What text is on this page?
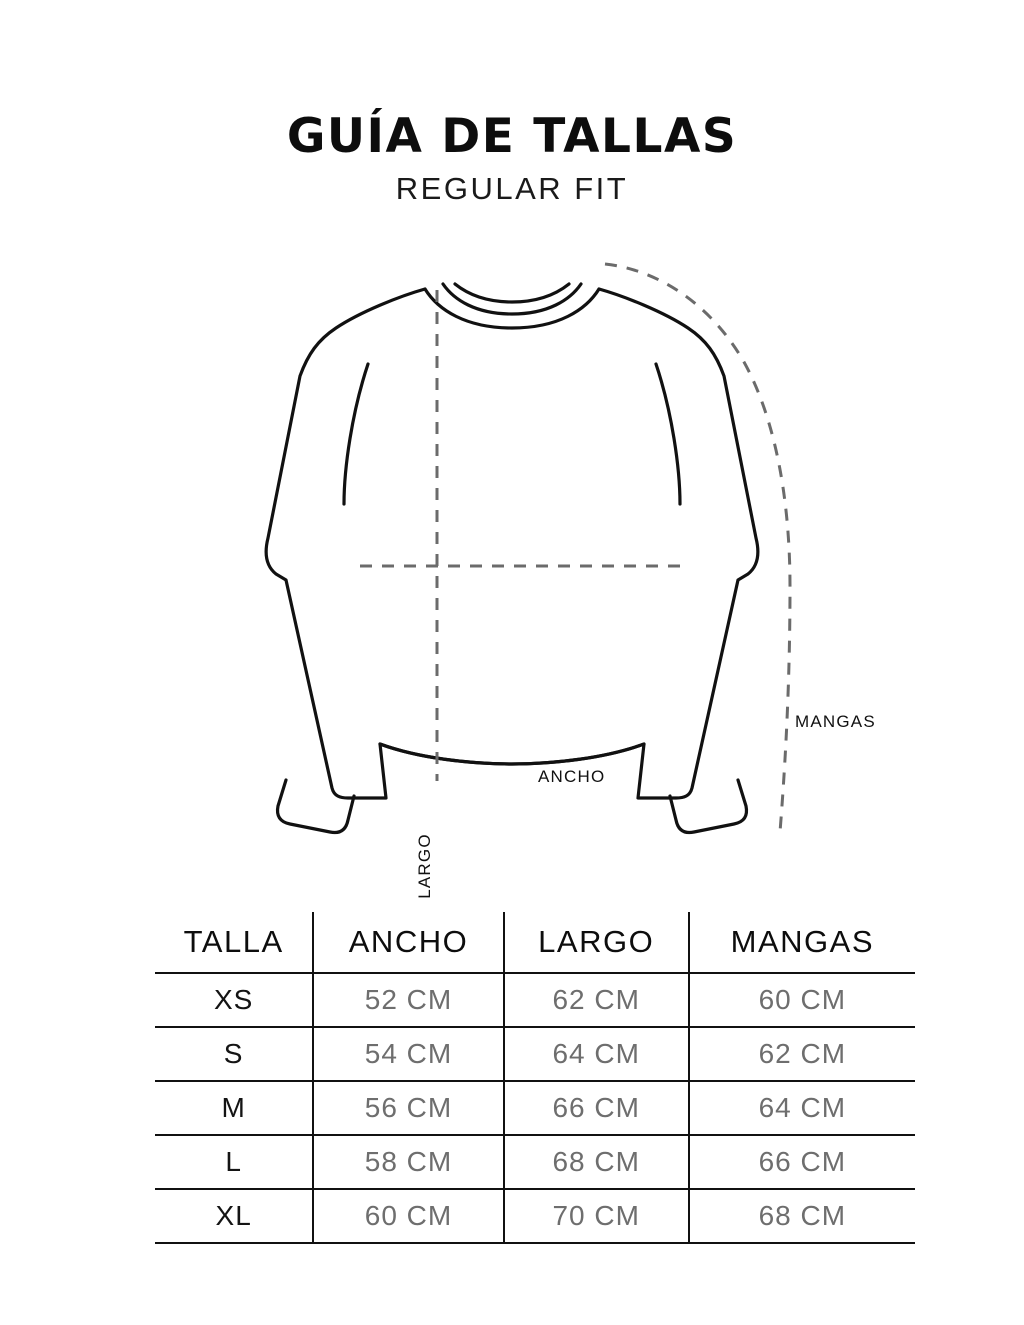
GUÍA DE TALLAS
REGULAR FIT
MANGAS
ANCHO
LARGO
TALLA	ANCHO	LARGO	MANGAS
XS	52 CM	62 CM	60 CM
S	54 CM	64 CM	62 CM
M	56 CM	66 CM	64 CM
L	58 CM	68 CM	66 CM
XL	60 CM	70 CM	68 CM
